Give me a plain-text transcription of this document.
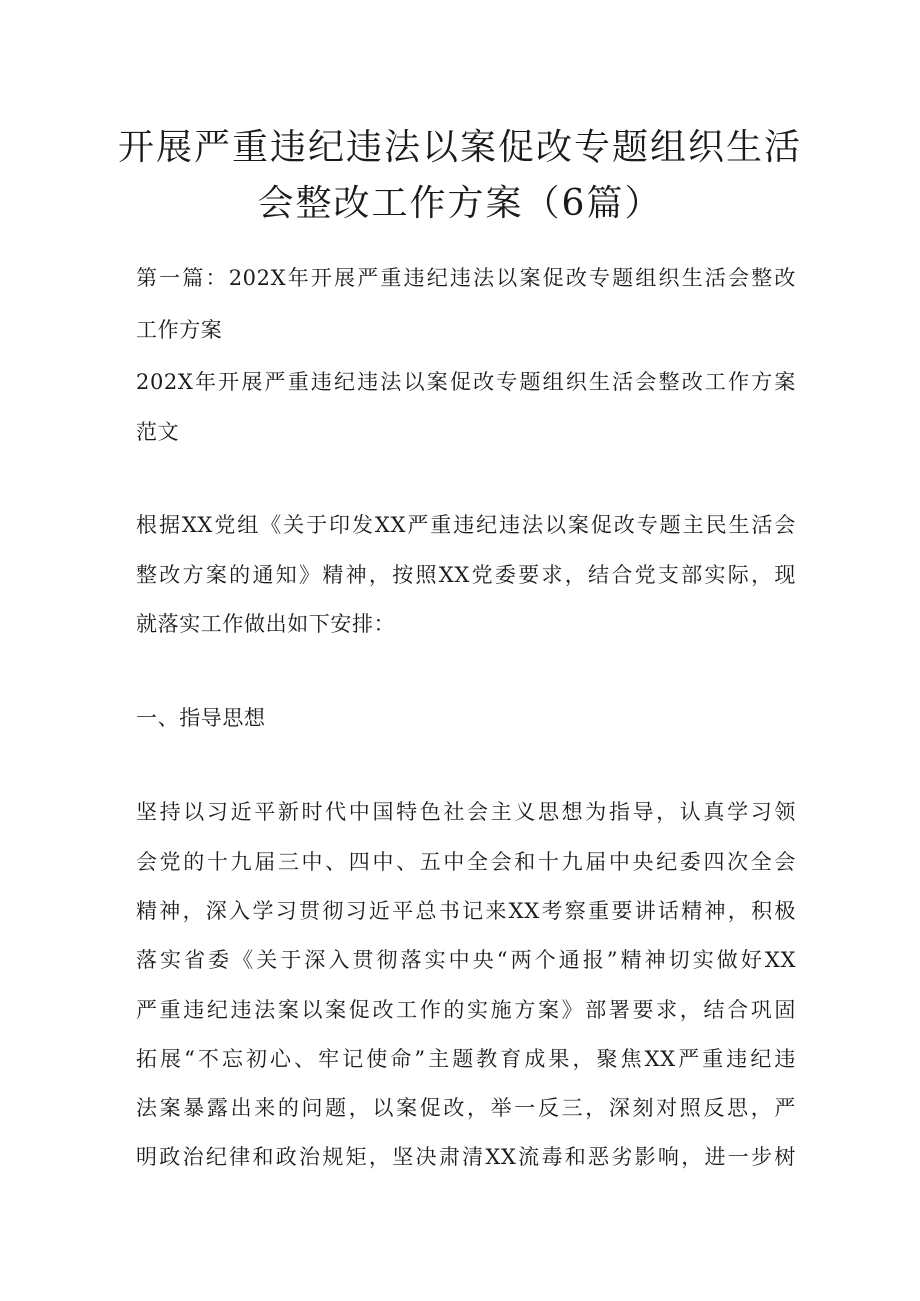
开展严重违纪违法以案促改专题组织生活
会整改工作方案（6篇）
第一篇：202X年开展严重违纪违法以案促改专题组织生活会整改
工作方案
202X年开展严重违纪违法以案促改专题组织生活会整改工作方案
范文
根据XX党组《关于印发XX严重违纪违法以案促改专题主民生活会
整改方案的通知》精神，按照XX党委要求，结合党支部实际，现
就落实工作做出如下安排：
一、指导思想
坚持以习近平新时代中国特色社会主义思想为指导，认真学习领
会党的十九届三中、四中、五中全会和十九届中央纪委四次全会
精神，深入学习贯彻习近平总书记来XX考察重要讲话精神，积极
落实省委《关于深入贯彻落实中央“两个通报”精神切实做好XX
严重违纪违法案以案促改工作的实施方案》部署要求，结合巩固
拓展“不忘初心、牢记使命”主题教育成果，聚焦XX严重违纪违
法案暴露出来的问题，以案促改，举一反三，深刻对照反思，严
明政治纪律和政治规矩，坚决肃清XX流毒和恶劣影响，进一步树
